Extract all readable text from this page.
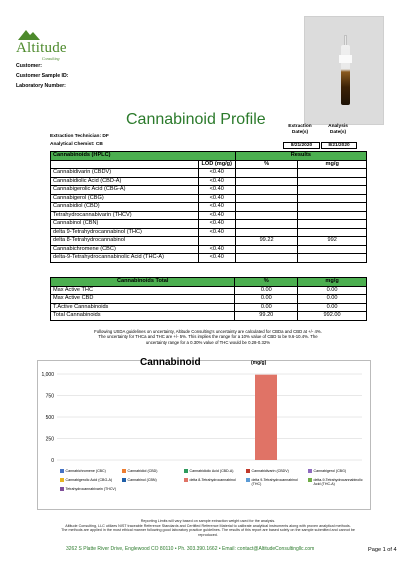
Altitude
Consulting
Customer:
Customer Sample ID:
Laboratory Number:
Cannabinoid Profile	Extraction Date(s)
Analysis Date(s)
Extraction Technician: DF
Analytical Chemist: CB	8/21/2020	8/21/2020
Cannabinoids (HPLC)		Results	
	LOD (mg/g)	%	mg/g
Cannabidivarin (CBDV)	<0.40		
Cannabidiolic Acid (CBD-A)	<0.40		
Cannabigerolic Acid (CBG-A)	<0.40		
Cannabigerol (CBG)	<0.40		
Cannabidiol (CBD)	<0.40		
Tetrahydrocannabivarin (THCV)	<0.40		
Cannabinol (CBN)	<0.40		
delta 9-Tetrahydrocannabinol (THC)	<0.40		
delta 8-Tetrahydrocannabinol		99.22	992
Cannabichromene (CBC)	<0.40		
delta-9-Tetrahydrocannabinolic Acid (THC-A)	<0.40		
Cannabinoids Total	%	mg/g
Max Active THC	0.00	0.00
Max Active CBD	0.00	0.00
T.Active Cannabinoids	0.00	0.00
Total Cannabinoids	99.20	992.00
Following USDA guidelines on uncertainty, Altitude Consulting's uncertainty are calculated for CBDa and CBD at +/- 4%.
The uncertainty for THCa and THC are +/- 5%. This implies the range for a 10% value of CBD to be 9.6-10.4%. The
uncertainty range for a 0.30% value of THC would be 0.28-0.32%
Cannabinoid	(mg/g)
1,000
750
500
250
0
Cannabichromene (CBC)	Cannabidiol (CBD)	Cannabidiolic Acid (CBD-A)	Cannabidivarin (CBDV)	Cannabigerol (CBG)
Cannabigerolic Acid (CBG-A)	Cannabinol (CBN)	delta 8-Tetrahydrocannabinol	delta 9-Tetrahydrocannabinol (THC)
delta-9-Tetrahydrocannabinolic Acid (THC-A)
Tetrahydrocannabivarin (THCV)
Reporting Limits will vary based on sample extraction weight used for the analysis.
Altitude Consulting, LLC utilizes NIST traceable Reference Standards and Certified Reference Material to calibrate analytical instruments along with proven analytical methods.
The methods are applied in the most ethical manner following good laboratory practice guidelines. The results of this report are based solely on the sample submitted and cannot be
reproduced.
3262 S Platte River Drive, Englewood CO 80110 • Ph. 303.390.1662 • Email: contact@AltitudeConsultingllc.com	Page 1 of 4
